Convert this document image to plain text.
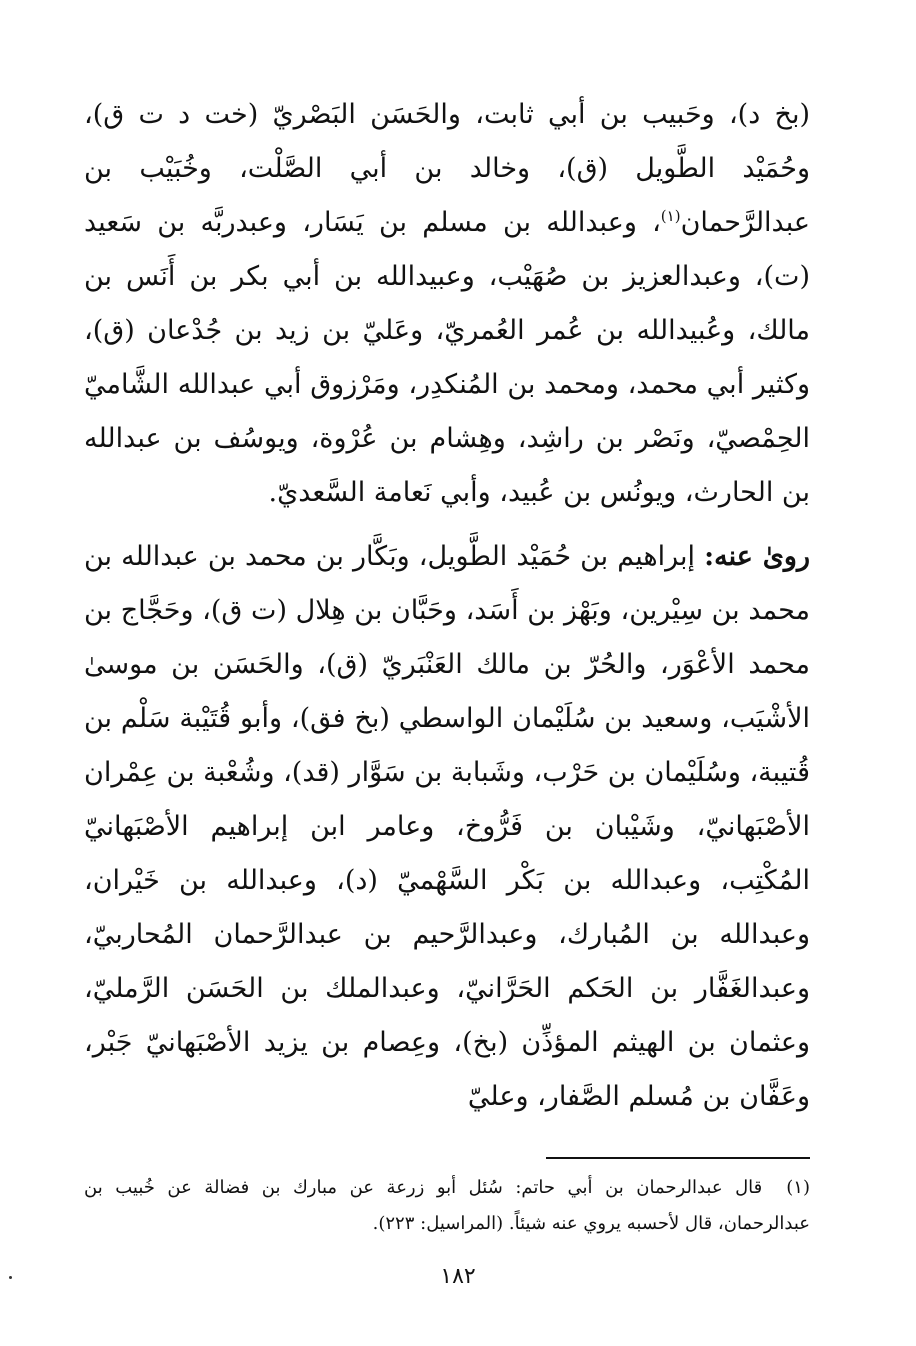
(بخ د)، وحَبيب بن أبي ثابت، والحَسَن البَصْريّ (خت د ت ق)، وحُمَيْد الطَّويل (ق)، وخالد بن أبي الصَّلْت، وخُبَيْب بن عبدالرَّحمان$^{(١)}$، وعبدالله بن مسلم بن يَسَار، وعبدربَّه بن سَعيد (ت)، وعبدالعزيز بن صُهَيْب، وعبيدالله بن أبي بكر بن أَنَس بن مالك، وعُبيدالله بن عُمر العُمريّ، وعَليّ بن زيد بن جُدْعان (ق)، وكثير أبي محمد، ومحمد بن المُنكدِر، ومَرْزوق أبي عبدالله الشَّاميّ الحِمْصيّ، ونَصْر بن راشِد، وهِشام بن عُرْوة، ويوسُف بن عبدالله بن الحارث، ويونُس بن عُبيد، وأبي نَعامة السَّعديّ.

روىٰ عنه: إبراهيم بن حُمَيْد الطَّويل، وبَكَّار بن محمد بن عبدالله بن محمد بن سِيْرين، وبَهْز بن أَسَد، وحَبَّان بن هِلال (ت ق)، وحَجَّاج بن محمد الأعْوَر، والحُرّ بن مالك العَنْبَريّ (ق)، والحَسَن بن موسىٰ الأشْيَب، وسعيد بن سُلَيْمان الواسطي (بخ فق)، وأبو قُتَيْبة سَلْم بن قُتيبة، وسُلَيْمان بن حَرْب، وشَبابة بن سَوَّار (قد)، وشُعْبة بن عِمْران الأصْبَهانيّ، وشَيْبان بن فَرُّوخ، وعامر ابن إبراهيم الأصْبَهانيّ المُكْتِب، وعبدالله بن بَكْر السَّهْميّ (د)، وعبدالله بن خَيْران، وعبدالله بن المُبارك، وعبدالرَّحيم بن عبدالرَّحمان المُحاربيّ، وعبدالغَفَّار بن الحَكم الحَرَّانيّ، وعبدالملك بن الحَسَن الرَّمليّ، وعثمان بن الهيثم المؤذِّن (بخ)، وعِصام بن يزيد الأصْبَهانيّ جَبْر، وعَفَّان بن مُسلم الصَّفار، وعليّ

(١)قال عبدالرحمان بن أبي حاتم: سُئل أبو زرعة عن مبارك بن فضالة عن خُبيب بن عبدالرحمان، قال لأحسبه يروي عنه شيئاً. (المراسيل: ٢٢٣).

١٨٢
